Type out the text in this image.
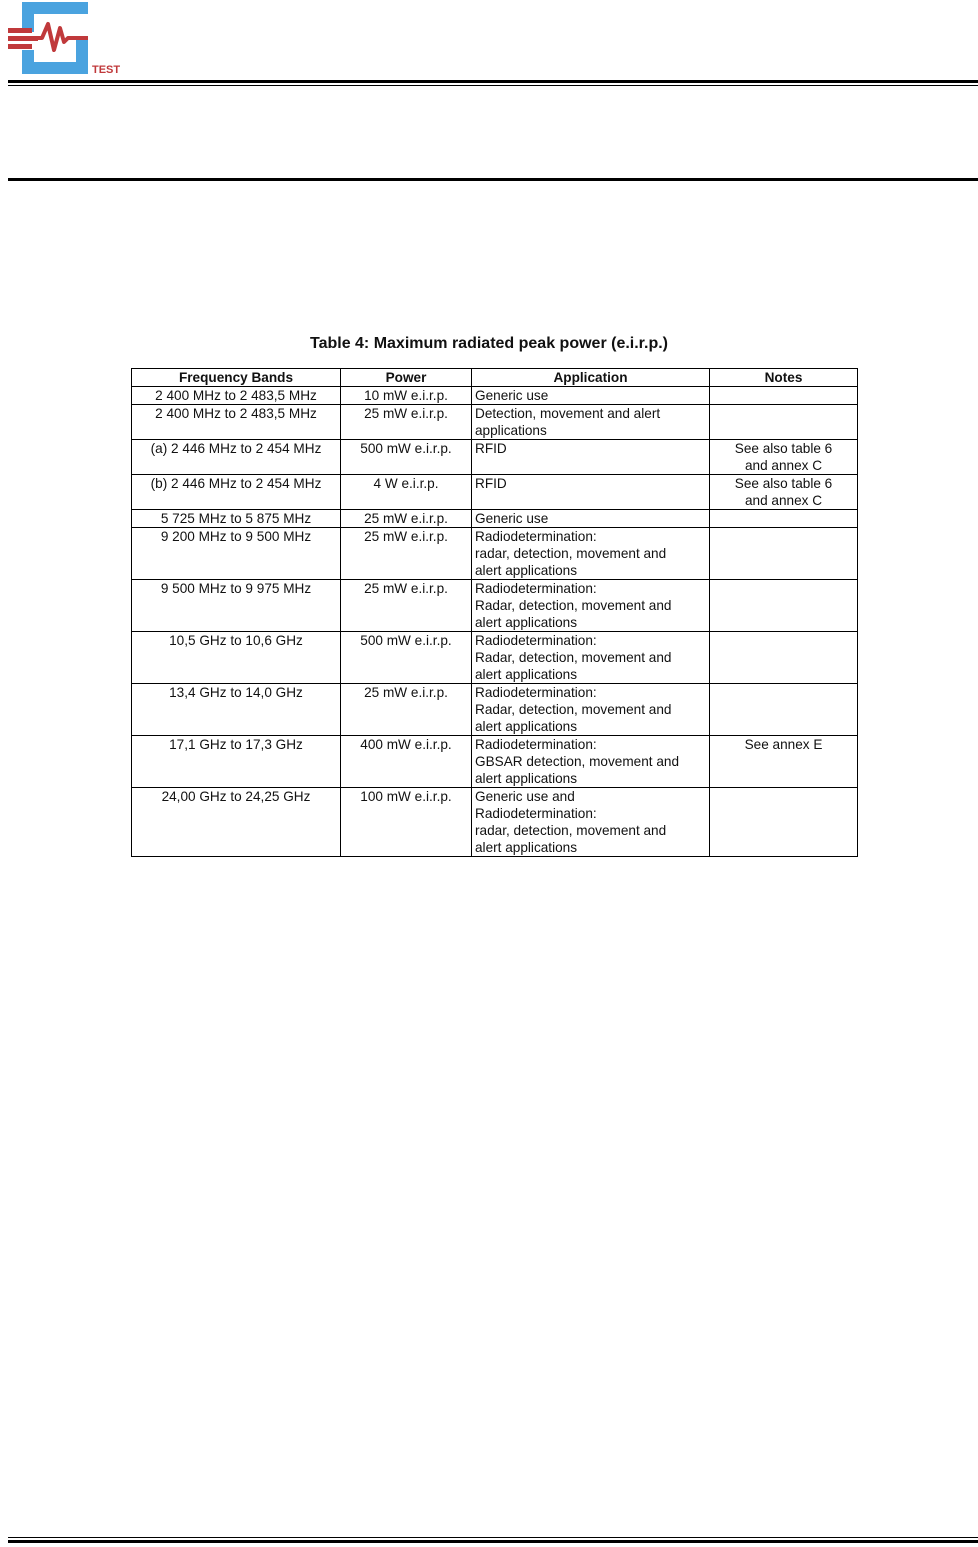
TEST
Table 4: Maximum radiated peak power (e.i.r.p.)
Frequency Bands	Power	Application	Notes
2 400 MHz to 2 483,5 MHz	10 mW e.i.r.p.	Generic use	

2 400 MHz to 2 483,5 MHz	25 mW e.i.r.p.	Detection, movement and alert
applications	

(a) 2 446 MHz to 2 454 MHz	500 mW e.i.r.p.	RFID	See also table 6
and annex C

(b) 2 446 MHz to 2 454 MHz	4 W e.i.r.p.	RFID	See also table 6
and annex C

5 725 MHz to 5 875 MHz	25 mW e.i.r.p.	Generic use	

9 200 MHz to 9 500 MHz	25 mW e.i.r.p.	Radiodetermination:
radar, detection, movement and
alert applications	

9 500 MHz to 9 975 MHz	25 mW e.i.r.p.	Radiodetermination:
Radar, detection, movement and
alert applications	

10,5 GHz to 10,6 GHz	500 mW e.i.r.p.	Radiodetermination:
Radar, detection, movement and
alert applications	

13,4 GHz to 14,0 GHz	25 mW e.i.r.p.	Radiodetermination:
Radar, detection, movement and
alert applications	

17,1 GHz to 17,3 GHz	400 mW e.i.r.p.	Radiodetermination:
GBSAR detection, movement and
alert applications	See annex E

24,00 GHz to 24,25 GHz	100 mW e.i.r.p.	Generic use and
Radiodetermination:
radar, detection, movement and
alert applications	
